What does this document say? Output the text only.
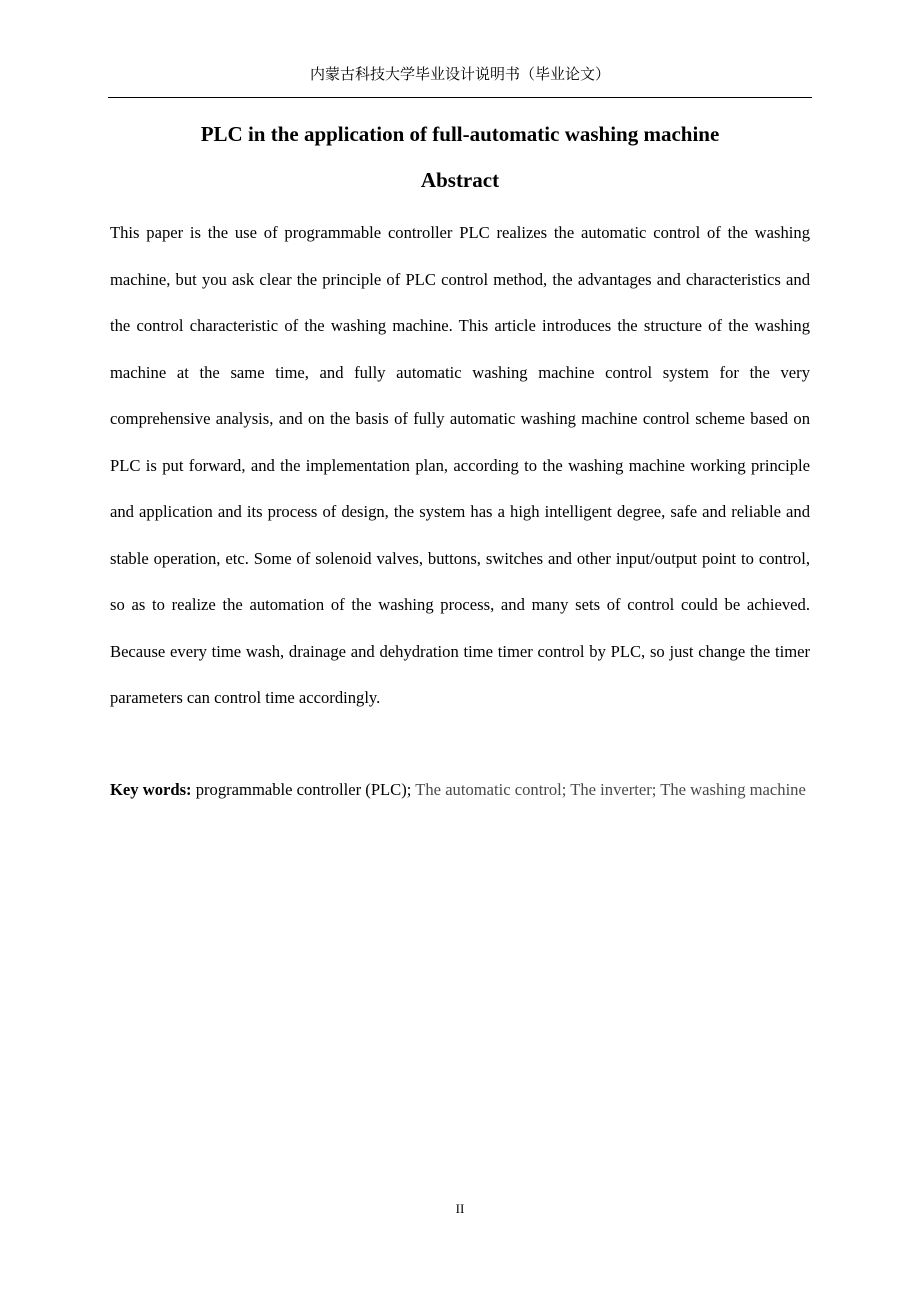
内蒙古科技大学毕业设计说明书（毕业论文）
PLC in the application of full-automatic washing machine
Abstract

This paper is the use of programmable controller PLC realizes the automatic control of the washing machine, but you ask clear the principle of PLC control method, the advantages and characteristics and the control characteristic of the washing machine. This article introduces the structure of the washing machine at the same time, and fully automatic washing machine control system for the very comprehensive analysis, and on the basis of fully automatic washing machine control scheme based on PLC is put forward, and the implementation plan, according to the washing machine working principle and application and its process of design, the system has a high intelligent degree, safe and reliable and stable operation, etc. Some of solenoid valves, buttons, switches and other input/output point to control, so as to realize the automation of the washing process, and many sets of control could be achieved. Because every time wash, drainage and dehydration time timer control by PLC, so just change the timer parameters can control time accordingly.

Key words: programmable controller (PLC); The automatic control; The inverter; The washing machine

II
